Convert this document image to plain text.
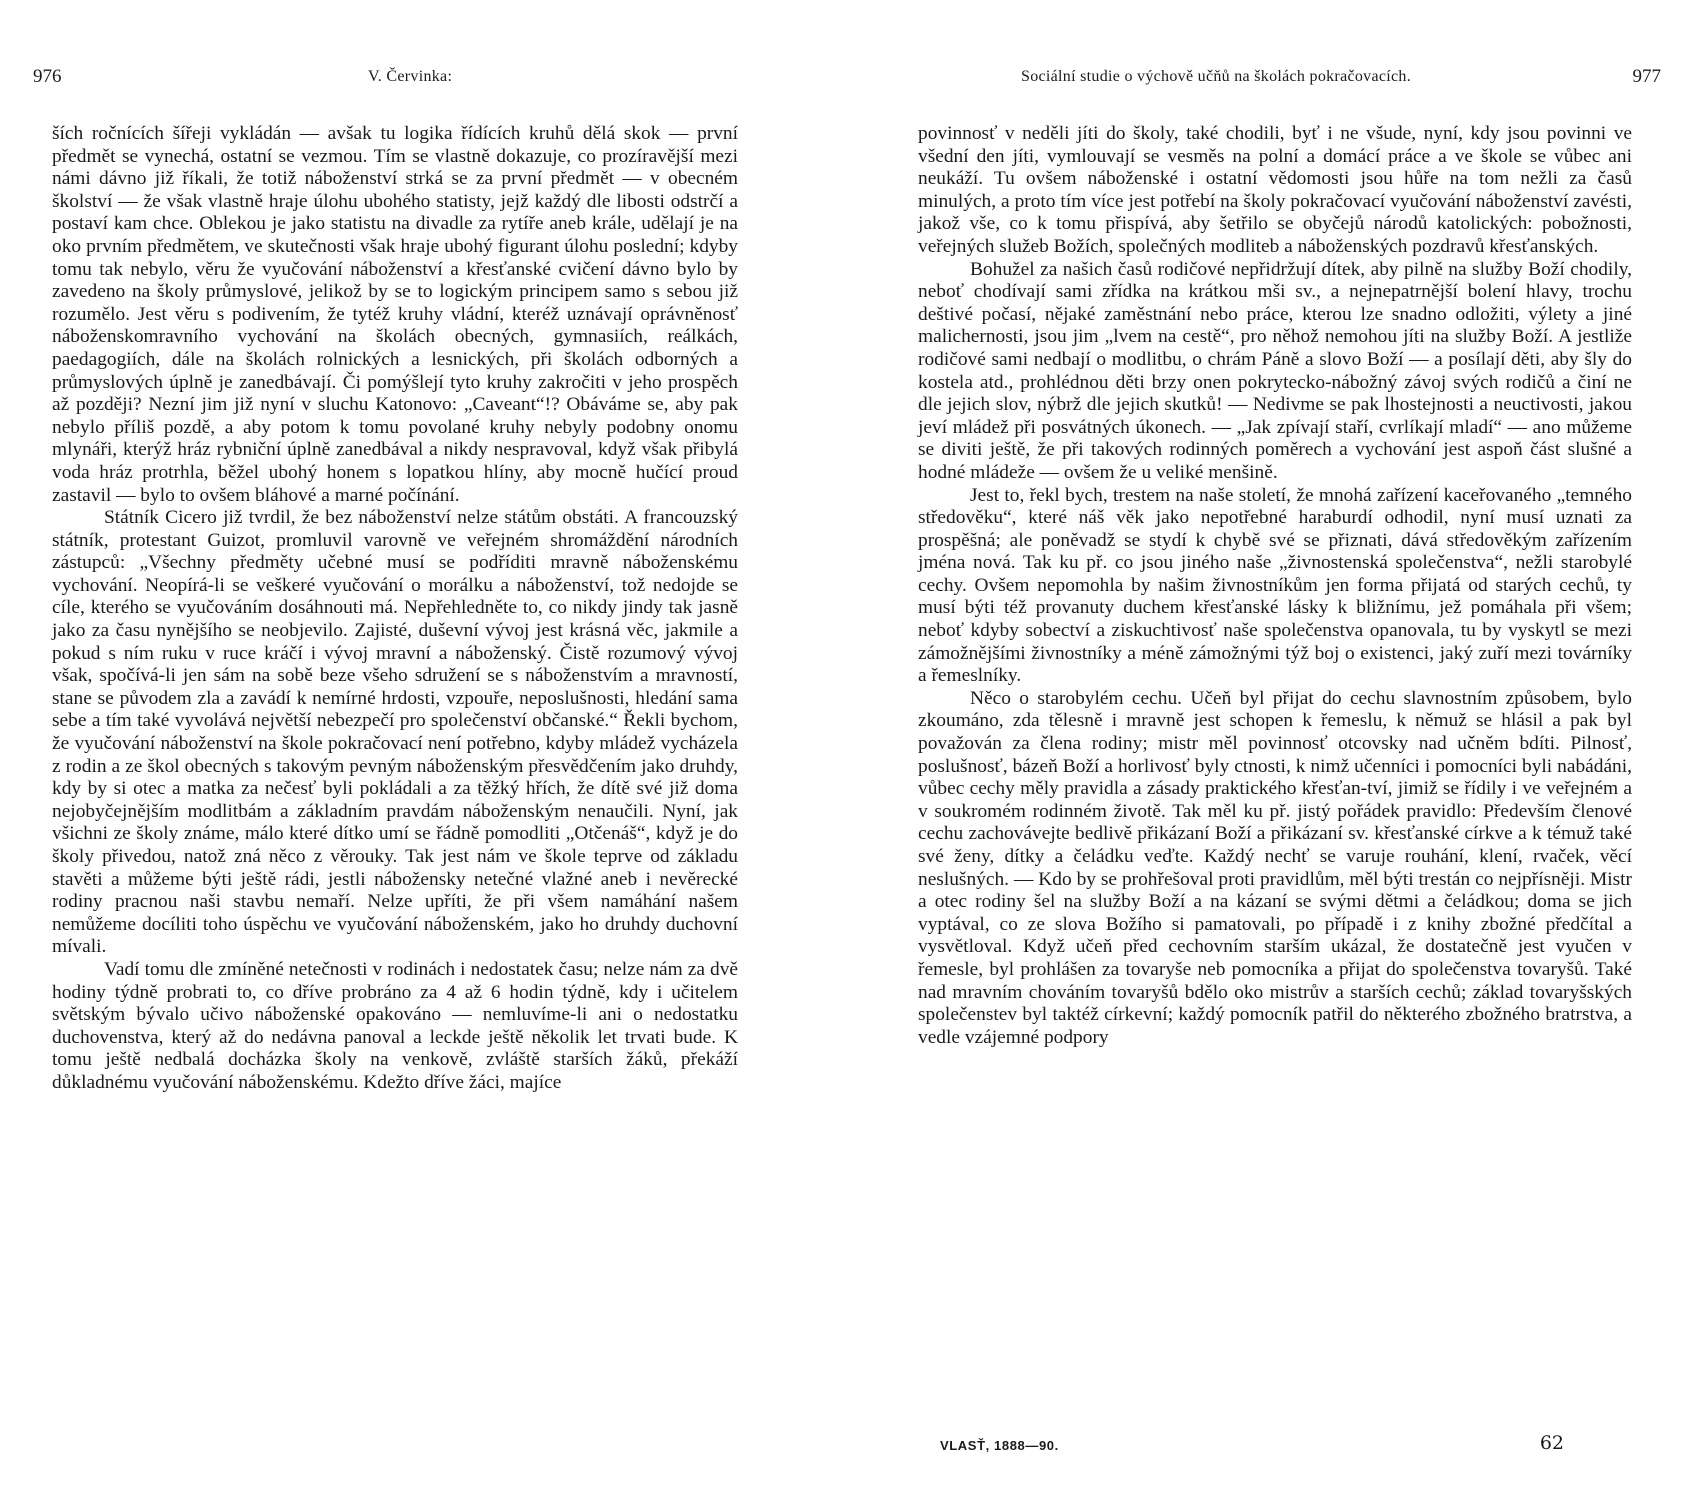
976	V. Červinka:

ších ročnících šířeji vykládán — avšak tu logika řídících kruhů dělá skok — první předmět se vynechá, ostatní se vezmou. Tím se vlastně dokazuje, co prozíravější mezi námi dávno již říkali, že totiž náboženství strká se za první předmět — v obecném školství — že však vlastně hraje úlohu ubohého statisty, jejž každý dle libosti odstrčí a postaví kam chce. Oblekou je jako statistu na divadle za rytíře aneb krále, udělají je na oko prvním předmětem, ve skutečnosti však hraje ubohý figurant úlohu poslední; kdyby tomu tak nebylo, věru že vyučování náboženství a křesťanské cvičení dávno bylo by zavedeno na školy průmyslové, jelikož by se to logickým principem samo s sebou již rozumělo. Jest věru s podivením, že tytéž kruhy vládní, kteréž uznávají oprávněnosť náboženskomravního vychování na školách obecných, gymnasiích, reálkách, paedagogiích, dále na školách rolnických a lesnických, při školách odborných a průmyslových úplně je zanedbávají. Či pomýšlejí tyto kruhy zakročiti v jeho prospěch až později? Nezní jim již nyní v sluchu Katonovo: „Caveant“!? Obáváme se, aby pak nebylo příliš pozdě, a aby potom k tomu povolané kruhy nebyly podobny onomu mlynáři, kterýž hráz rybniční úplně zanedbával a nikdy nespravoval, když však přibylá voda hráz protrhla, běžel ubohý honem s lopatkou hlíny, aby mocně hučící proud zastavil — bylo to ovšem bláhové a marné počínání.

Státník Cicero již tvrdil, že bez náboženství nelze státům obstáti. A francouzský státník, protestant Guizot, promluvil varovně ve veřejném shromáždění národních zástupců: „Všechny předměty učebné musí se podříditi mravně náboženskému vychování. Neopírá-li se veškeré vyučování o morálku a náboženství, tož nedojde se cíle, kterého se vyučováním dosáhnouti má. Nepřehledněte to, co nikdy jindy tak jasně jako za času nynějšího se neobjevilo. Zajisté, duševní vývoj jest krásná věc, jakmile a pokud s ním ruku v ruce kráčí i vývoj mravní a náboženský. Čistě rozumový vývoj však, spočívá-li jen sám na sobě beze všeho sdružení se s náboženstvím a mravností, stane se původem zla a zavádí k nemírné hrdosti, vzpouře, neposlušnosti, hledání sama sebe a tím také vyvolává největší nebezpečí pro společenství občanské.“ Řekli bychom, že vyučování náboženství na škole pokračovací není potřebno, kdyby mládež vycházela z rodin a ze škol obecných s takovým pevným náboženským přesvědčením jako druhdy, kdy by si otec a matka za nečesť byli pokládali a za těžký hřích, že dítě své již doma nejobyčejnějším modlitbám a základním pravdám náboženským nenaučili. Nyní, jak všichni ze školy známe, málo které dítko umí se řádně pomodliti „Otčenáš“, když je do školy přivedou, natož zná něco z věrouky. Tak jest nám ve škole teprve od základu stavěti a můžeme býti ještě rádi, jestli nábožensky netečné vlažné aneb i nevěrecké rodiny pracnou naši stavbu nemaří. Nelze upříti, že při všem namáhání našem nemůžeme docíliti toho úspěchu ve vyučování náboženském, jako ho druhdy duchovní mívali.

Vadí tomu dle zmíněné netečnosti v rodinách i nedostatek času; nelze nám za dvě hodiny týdně probrati to, co dříve probráno za 4 až 6 hodin týdně, kdy i učitelem světským bývalo učivo náboženské opakováno — nemluvíme-li ani o nedostatku duchovenstva, který až do nedávna panoval a leckde ještě několik let trvati bude. K tomu ještě nedbalá docházka školy na venkově, zvláště starších žáků, překáží důkladnému vyučování náboženskému. Kdežto dříve žáci, majíce

Sociální studie o výchově učňů na školách pokračovacích.	977

povinnosť v neděli jíti do školy, také chodili, byť i ne všude, nyní, kdy jsou povinni ve všední den jíti, vymlouvají se vesměs na polní a domácí práce a ve škole se vůbec ani neukáží. Tu ovšem náboženské i ostatní vědomosti jsou hůře na tom nežli za časů minulých, a proto tím více jest potřebí na školy pokračovací vyučování náboženství zavésti, jakož vše, co k tomu přispívá, aby šetřilo se obyčejů národů katolických: pobožnosti, veřejných služeb Božích, společných modliteb a náboženských pozdravů křesťanských.

Bohužel za našich časů rodičové nepřidržují dítek, aby pilně na služby Boží chodily, neboť chodívají sami zřídka na krátkou mši sv., a nejnepatrnější bolení hlavy, trochu deštivé počasí, nějaké zaměstnání nebo práce, kterou lze snadno odložiti, výlety a jiné malichernosti, jsou jim „lvem na cestě“, pro něhož nemohou jíti na služby Boží. A jestliže rodičové sami nedbají o modlitbu, o chrám Páně a slovo Boží — a posílají děti, aby šly do kostela atd., prohlédnou děti brzy onen pokrytecko-nábožný závoj svých rodičů a činí ne dle jejich slov, nýbrž dle jejich skutků! — Nedivme se pak lhostejnosti a neuctivosti, jakou jeví mládež při posvátných úkonech. — „Jak zpívají staří, cvrlíkají mladí“ — ano můžeme se diviti ještě, že při takových rodinných poměrech a vychování jest aspoň část slušné a hodné mládeže — ovšem že u veliké menšině.

Jest to, řekl bych, trestem na naše století, že mnohá zařízení kaceřovaného „temného středověku“, které náš věk jako nepotřebné haraburdí odhodil, nyní musí uznati za prospěšná; ale poněvadž se stydí k chybě své se přiznati, dává středověkým zařízením jména nová. Tak ku př. co jsou jiného naše „živnostenská společenstva“, nežli starobylé cechy. Ovšem nepomohla by našim živnostníkům jen forma přijatá od starých cechů, ty musí býti též provanuty duchem křesťanské lásky k bližnímu, jež pomáhala při všem; neboť kdyby sobectví a ziskuchtivosť naše společenstva opanovala, tu by vyskytl se mezi zámožnějšími živnostníky a méně zámožnými týž boj o existenci, jaký zuří mezi továrníky a řemeslníky.

Něco o starobylém cechu. Učeň byl přijat do cechu slavnostním způsobem, bylo zkoumáno, zda tělesně i mravně jest schopen k řemeslu, k němuž se hlásil a pak byl považován za člena rodiny; mistr měl povinnosť otcovsky nad učněm bdíti. Pilnosť, poslušnosť, bázeň Boží a horlivosť byly ctnosti, k nimž učenníci i pomocníci byli nabádáni, vůbec cechy měly pravidla a zásady praktického křesťan-tví, jimiž se řídily i ve veřejném a v soukromém rodinném životě. Tak měl ku př. jistý pořádek pravidlo: Především členové cechu zachovávejte bedlivě přikázaní Boží a přikázaní sv. křesťanské církve a k témuž také své ženy, dítky a čeládku veďte. Každý nechť se varuje rouhání, klení, rvaček, věcí neslušných. — Kdo by se prohřešoval proti pravidlům, měl býti trestán co nejpřísněji. Mistr a otec rodiny šel na služby Boží a na kázaní se svými dětmi a čeládkou; doma se jich vyptával, co ze slova Božího si pamatovali, po případě i z knihy zbožné předčítal a vysvětloval. Když učeň před cechovním starším ukázal, že dostatečně jest vyučen v řemesle, byl prohlášen za tovaryše neb pomocníka a přijat do společenstva tovaryšů. Také nad mravním chováním tovaryšů bdělo oko mistrův a starších cechů; základ tovaryšských společenstev byl taktéž církevní; každý pomocník patřil do některého zbožného bratrstva, a vedle vzájemné podpory

VLASŤ, 1888—90.	62
